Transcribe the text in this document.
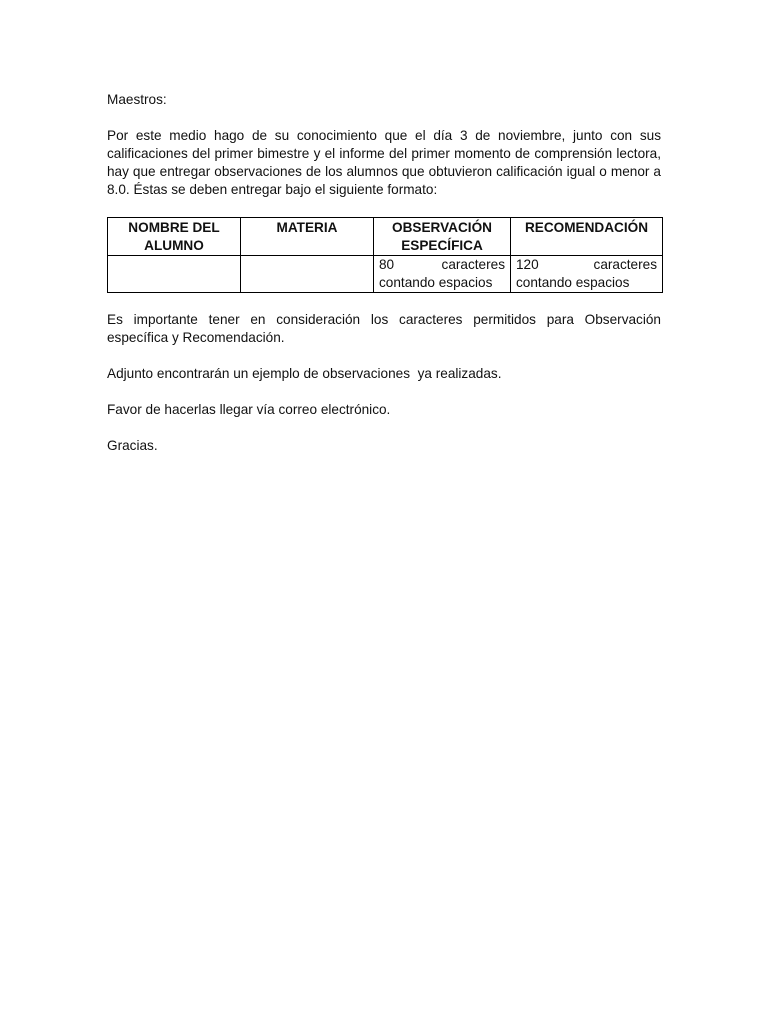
Maestros:

Por este medio hago de su conocimiento que el día 3 de noviembre, junto con sus calificaciones del primer bimestre y el informe del primer momento de comprensión lectora, hay que entregar observaciones de los alumnos que obtuvieron calificación igual o menor a 8.0. Éstas se deben entregar bajo el siguiente formato:

NOMBRE DEL ALUMNO	MATERIA	OBSERVACIÓN ESPECÍFICA	RECOMENDACIÓN
		80 caracteres contando espacios	120 caracteres contando espacios

Es importante tener en consideración los caracteres permitidos para Observación específica y Recomendación.

Adjunto encontrarán un ejemplo de observaciones  ya realizadas.

Favor de hacerlas llegar vía correo electrónico.

Gracias.
